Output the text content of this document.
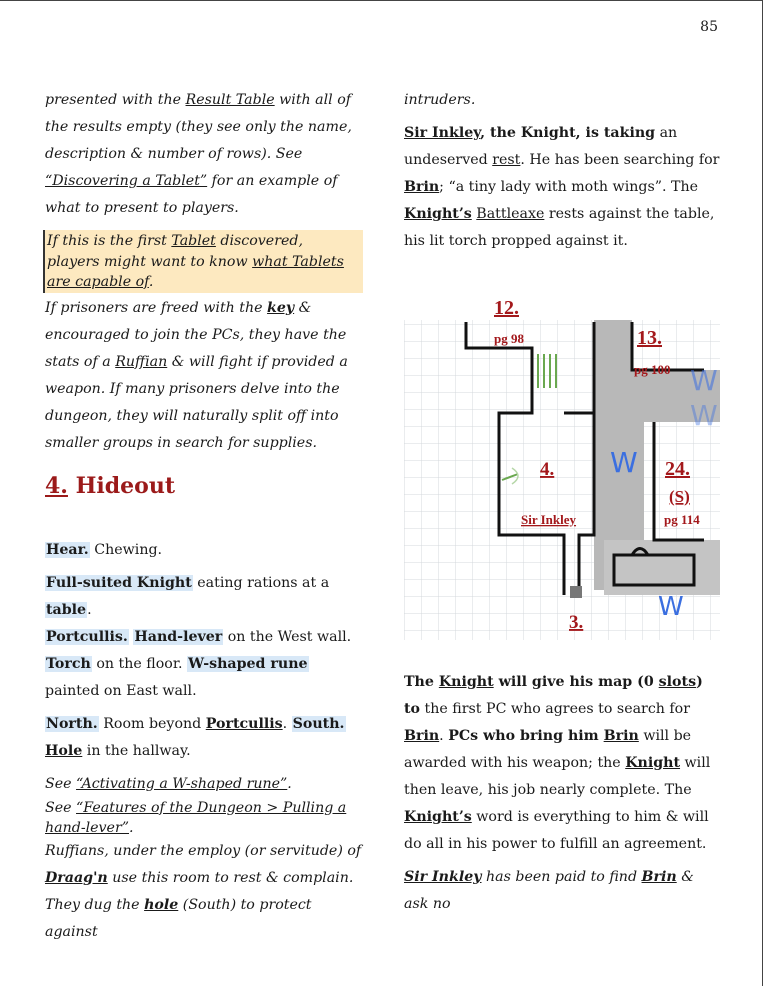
85

presented with the Result Table with all of the results empty (they see only the name, description & number of rows). See “Discovering a Tablet” for an example of what to present to players.

If this is the first Tablet discovered, players might want to know what Tablets are capable of.

If prisoners are freed with the key & encouraged to join the PCs, they have the stats of a Ruffian & will fight if provided a weapon. If many prisoners delve into the dungeon, they will naturally split off into smaller groups in search for supplies.

4. Hideout

Hear. Chewing.

Full-suited Knight eating rations at a table.
Portcullis. Hand-lever on the West wall.
Torch on the floor. W-shaped rune painted on East wall.

North. Room beyond Portcullis. South. Hole in the hallway.

See “Activating a W-shaped rune”.

See “Features of the Dungeon > Pulling a hand-lever”.

Ruffians, under the employ (or servitude) of Draag'n use this room to rest & complain. They dug the hole (South) to protect against

intruders.

Sir Inkley, the Knight, is taking an undeserved rest. He has been searching for Brin; “a tiny lady with moth wings”. The Knight’s Battleaxe rests against the table, his lit torch propped against it.

12.
pg 98	13.
pg 100
4.
Sir Inkley
24.
(S)
pg 114
3.
W
W
W
W

The Knight will give his map (0 slots) to the first PC who agrees to search for Brin. PCs who bring him Brin will be awarded with his weapon; the Knight will then leave, his job nearly complete. The Knight’s word is everything to him & will do all in his power to fulfill an agreement.

Sir Inkley has been paid to find Brin & ask no
